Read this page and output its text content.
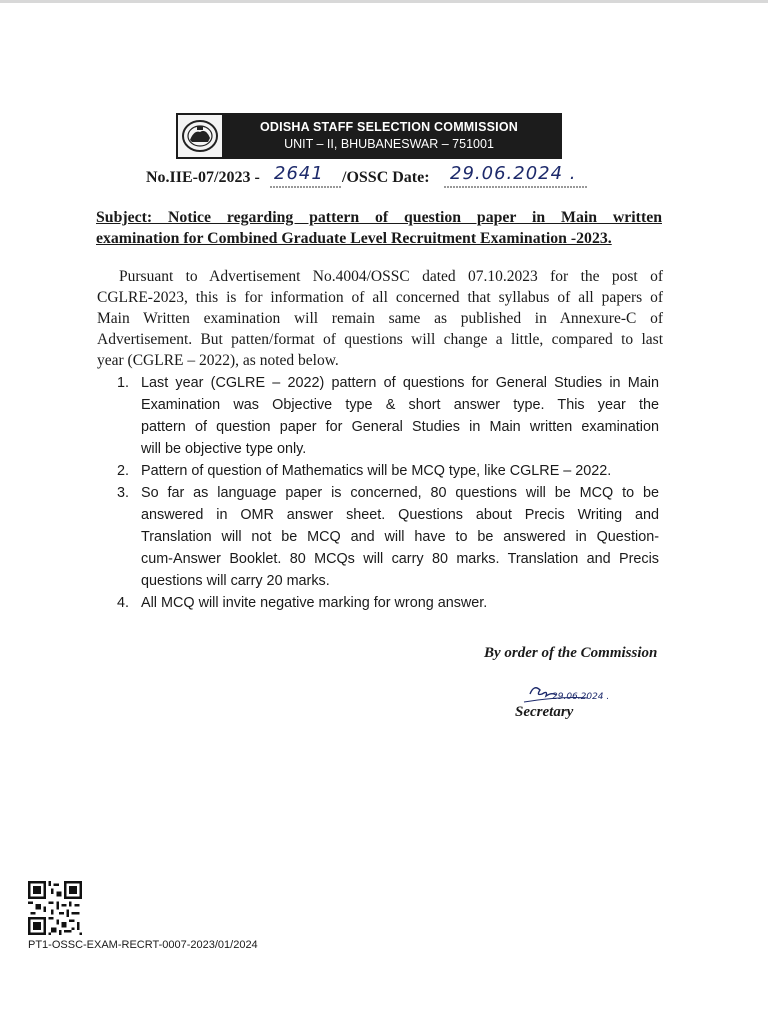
ODISHA STAFF SELECTION COMMISSION
UNIT – II, BHUBANESWAR – 751001
No.IIE-07/2023 - 2641 /OSSC Date: 29.06.2024 .
Subject: Notice regarding pattern of question paper in Main written
examination for Combined Graduate Level Recruitment Examination -2023.
Pursuant to Advertisement No.4004/OSSC dated 07.10.2023 for the post of
CGLRE-2023, this is for information of all concerned that syllabus of all papers of
Main Written examination will remain same as published in Annexure-C of
Advertisement. But patten/format of questions will change a little, compared to last
year (CGLRE – 2022), as noted below.
1. Last year (CGLRE – 2022) pattern of questions for General Studies in Main
Examination was Objective type & short answer type. This year the
pattern of question paper for General Studies in Main written examination
will be objective type only.
2. Pattern of question of Mathematics will be MCQ type, like CGLRE – 2022.
3. So far as language paper is concerned, 80 questions will be MCQ to be
answered in OMR answer sheet. Questions about Precis Writing and
Translation will not be MCQ and will have to be answered in Question-
cum-Answer Booklet. 80 MCQs will carry 80 marks. Translation and Precis
questions will carry 20 marks.
4. All MCQ will invite negative marking for wrong answer.
By order of the Commission
29.06.2024 .
Secretary
PT1-OSSC-EXAM-RECRT-0007-2023/01/2024
